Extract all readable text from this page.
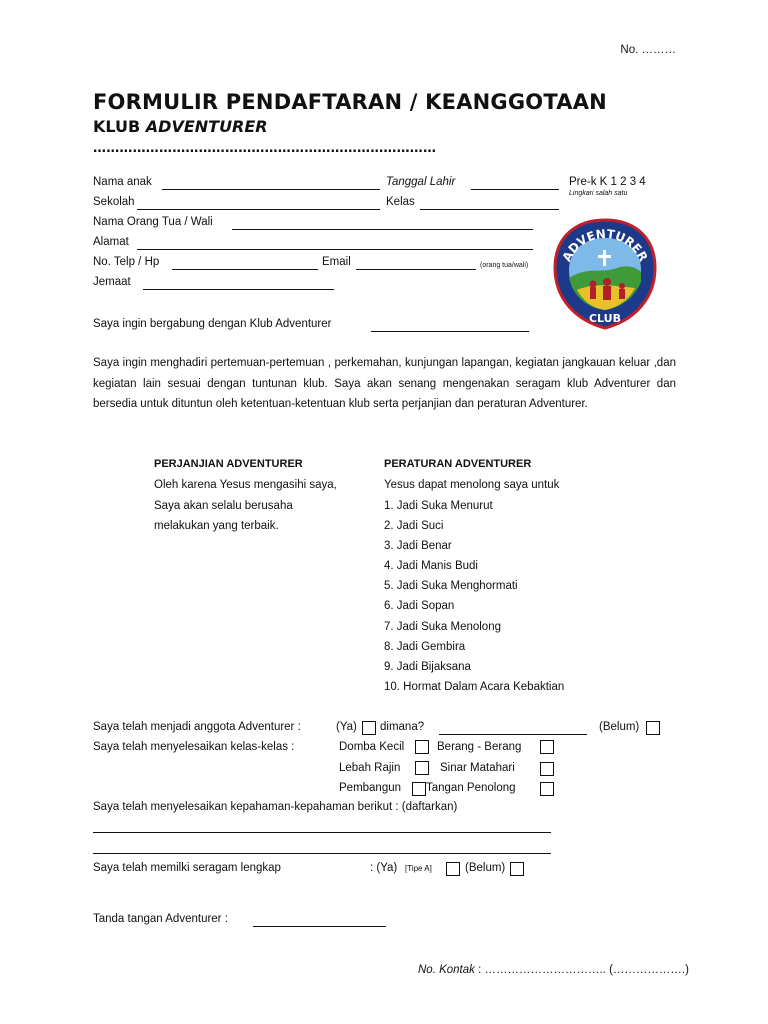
No. ………
FORMULIR PENDAFTARAN / KEANGGOTAAN
KLUB ADVENTURER
……………………………………………………………………
Nama anak	Tanggal Lahir	Pre-k K 1 2 3 4
Lingkari salah satu
Sekolah	Kelas
Nama Orang Tua / Wali
Alamat
No. Telp / Hp	Email	(orang tua/wali)
Jemaat
ADVENTURER
CLUB
Saya ingin bergabung dengan Klub Adventurer
Saya ingin menghadiri pertemuan-pertemuan , perkemahan, kunjungan lapangan, kegiatan jangkauan keluar ,dan kegiatan lain sesuai dengan tuntunan klub. Saya akan senang mengenakan seragam klub Adventurer dan bersedia untuk dituntun oleh ketentuan-ketentuan klub serta perjanjian dan peraturan Adventurer.
PERJANJIAN ADVENTURER
Oleh karena Yesus mengasihi saya,
Saya akan selalu berusaha
melakukan yang terbaik.
PERATURAN ADVENTURER
Yesus dapat menolong saya untuk
1. Jadi Suka Menurut
2. Jadi Suci
3. Jadi Benar
4. Jadi Manis Budi
5. Jadi Suka Menghormati
6. Jadi Sopan
7. Jadi Suka Menolong
8. Jadi Gembira
9. Jadi Bijaksana
10. Hormat Dalam Acara Kebaktian
Saya telah menjadi anggota Adventurer :	(Ya) dimana?	(Belum)
Saya telah menyelesaikan kelas-kelas :	Domba Kecil	Berang - Berang
Lebah Rajin	Sinar Matahari
Pembangun Tangan Penolong
Saya telah menyelesaikan kepahaman-kepahaman berikut : (daftarkan)
Saya telah memilki seragam lengkap	: (Ya) [Tipe A]	(Belum)
Tanda tangan Adventurer :
No. Kontak : ………………………….. (……………….)
